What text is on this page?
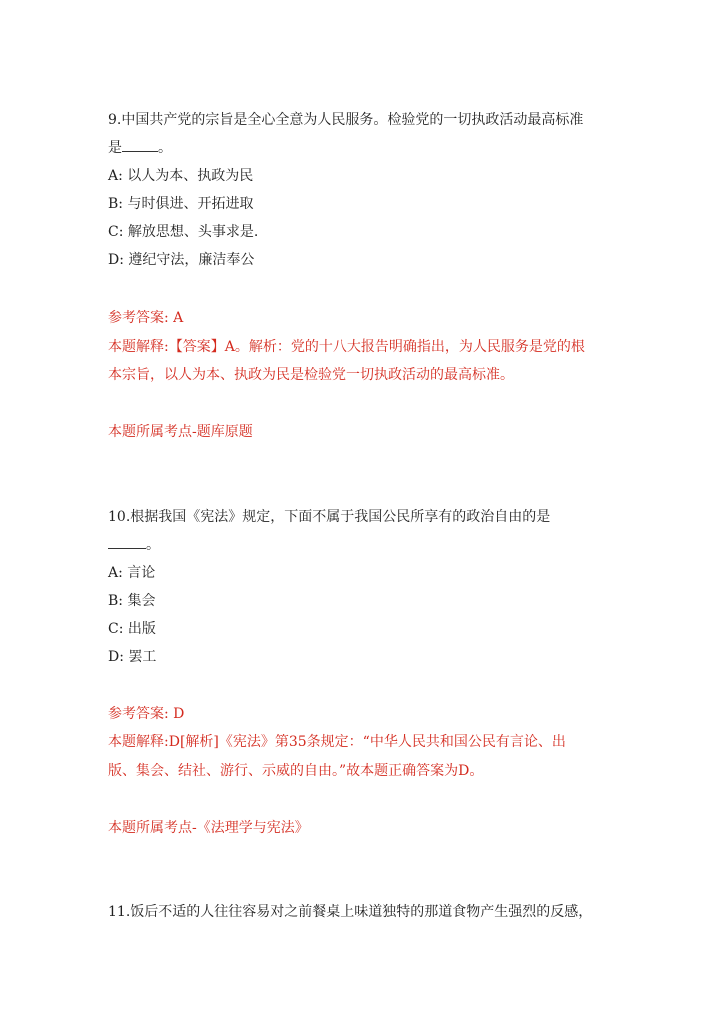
9.中国共产党的宗旨是全心全意为人民服务。检验党的一切执政活动最高标准
是	。
A: 以人为本、执政为民
B: 与时俱进、开拓进取
C: 解放思想、头事求是.
D: 遵纪守法，廉洁奉公
参考答案: A
本题解释:【答案】A。解析：党的十八大报告明确指出，为人民服务是党的根
本宗旨，以人为本、执政为民是检验党一切执政活动的最高标准。
本题所属考点-题库原题
10.根据我国《宪法》规定，下面不属于我国公民所享有的政治自由的是
。
A: 言论
B: 集会
C: 出版
D: 罢工
参考答案: D
本题解释:D[解析]《宪法》第35条规定：“中华人民共和国公民有言论、出
版、集会、结社、游行、示威的自由。”故本题正确答案为D。
本题所属考点-《法理学与宪法》
11.饭后不适的人往往容易对之前餐桌上味道独特的那道食物产生强烈的反感，
